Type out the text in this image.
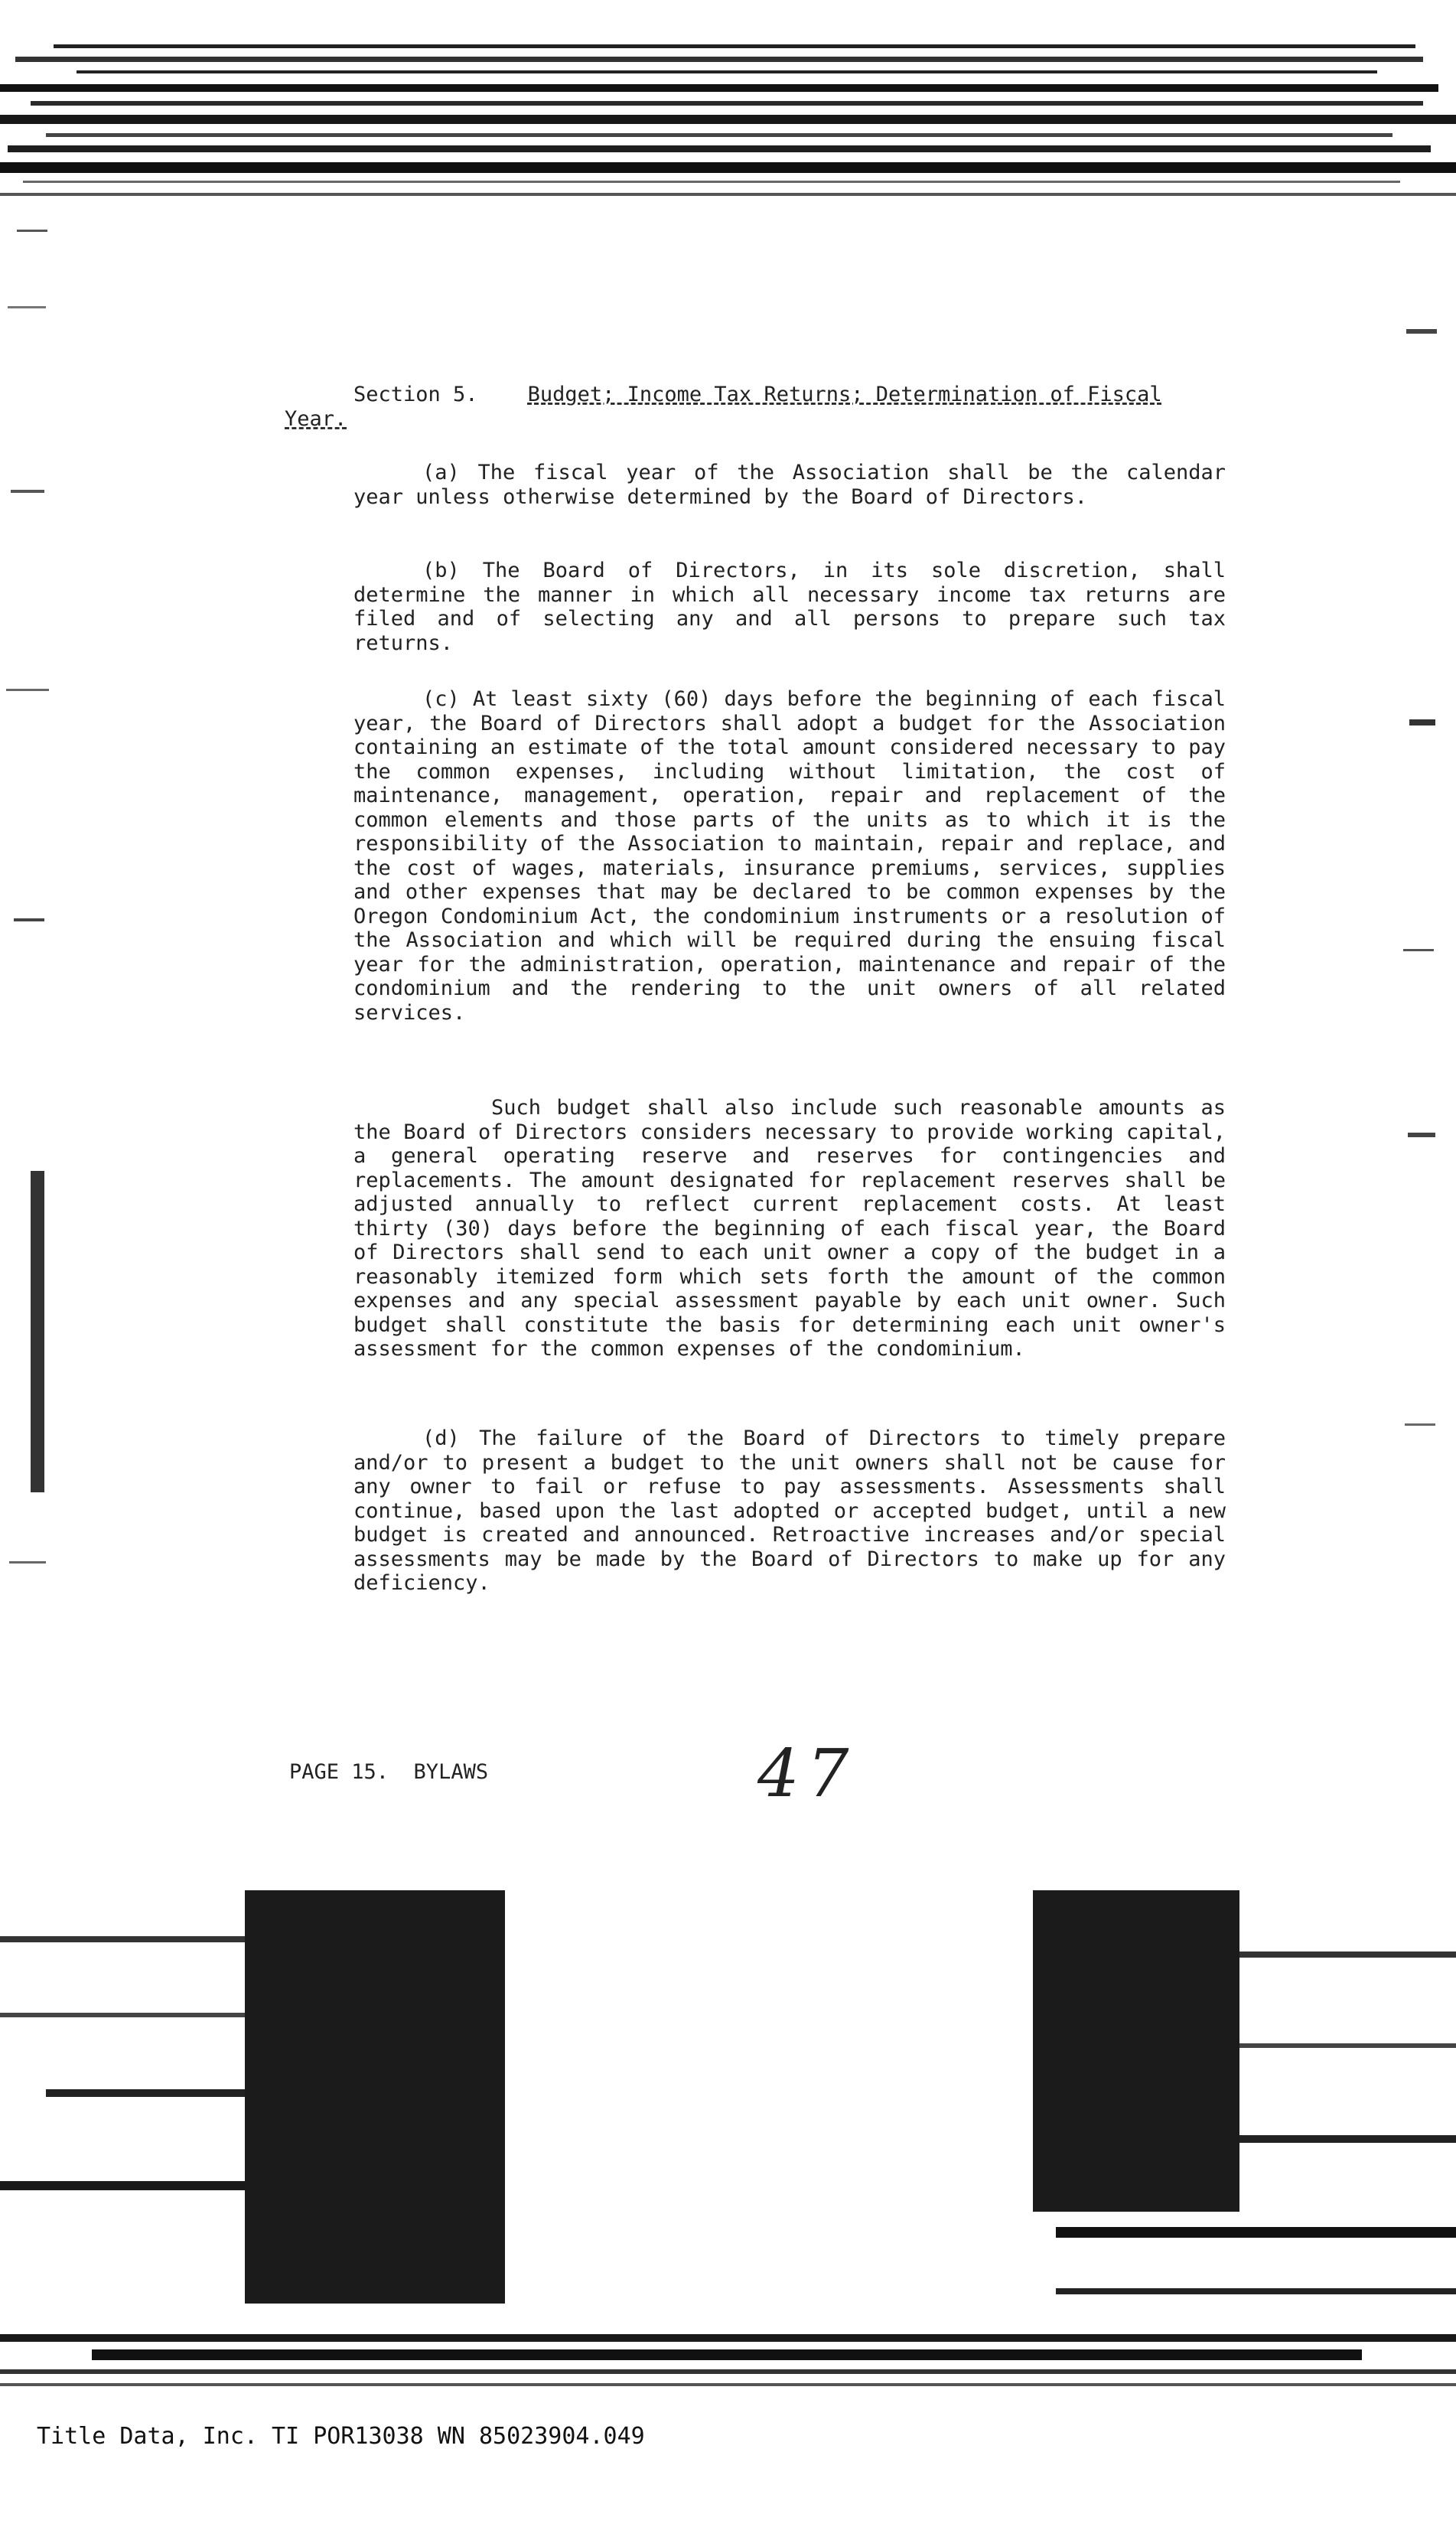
Section 5. Budget; Income Tax Returns; Determination of Fiscal
Year.
(a) The fiscal year of the Association shall be the calendar year unless otherwise determined by the Board of Directors.
(b) The Board of Directors, in its sole discretion, shall determine the manner in which all necessary income tax returns are filed and of selecting any and all persons to prepare such tax returns.
(c) At least sixty (60) days before the beginning of each fiscal year, the Board of Directors shall adopt a budget for the Association containing an estimate of the total amount considered necessary to pay the common expenses, including without limitation, the cost of maintenance, management, operation, repair and replacement of the common elements and those parts of the units as to which it is the responsibility of the Association to maintain, repair and replace, and the cost of wages, materials, insurance premiums, services, supplies and other expenses that may be declared to be common expenses by the Oregon Condominium Act, the condominium instruments or a resolution of the Association and which will be required during the ensuing fiscal year for the administration, operation, maintenance and repair of the condominium and the rendering to the unit owners of all related services.
Such budget shall also include such reasonable amounts as the Board of Directors considers necessary to provide working capital, a general operating reserve and reserves for contingencies and replacements. The amount designated for replacement reserves shall be adjusted annually to reflect current replacement costs. At least thirty (30) days before the beginning of each fiscal year, the Board of Directors shall send to each unit owner a copy of the budget in a reasonably itemized form which sets forth the amount of the common expenses and any special assessment payable by each unit owner. Such budget shall constitute the basis for determining each unit owner's assessment for the common expenses of the condominium.
(d) The failure of the Board of Directors to timely prepare and/or to present a budget to the unit owners shall not be cause for any owner to fail or refuse to pay assessments. Assessments shall continue, based upon the last adopted or accepted budget, until a new budget is created and announced. Retroactive increases and/or special assessments may be made by the Board of Directors to make up for any deficiency.
PAGE 15.  BYLAWS	47
Title Data, Inc. TI POR13038 WN 85023904.049
